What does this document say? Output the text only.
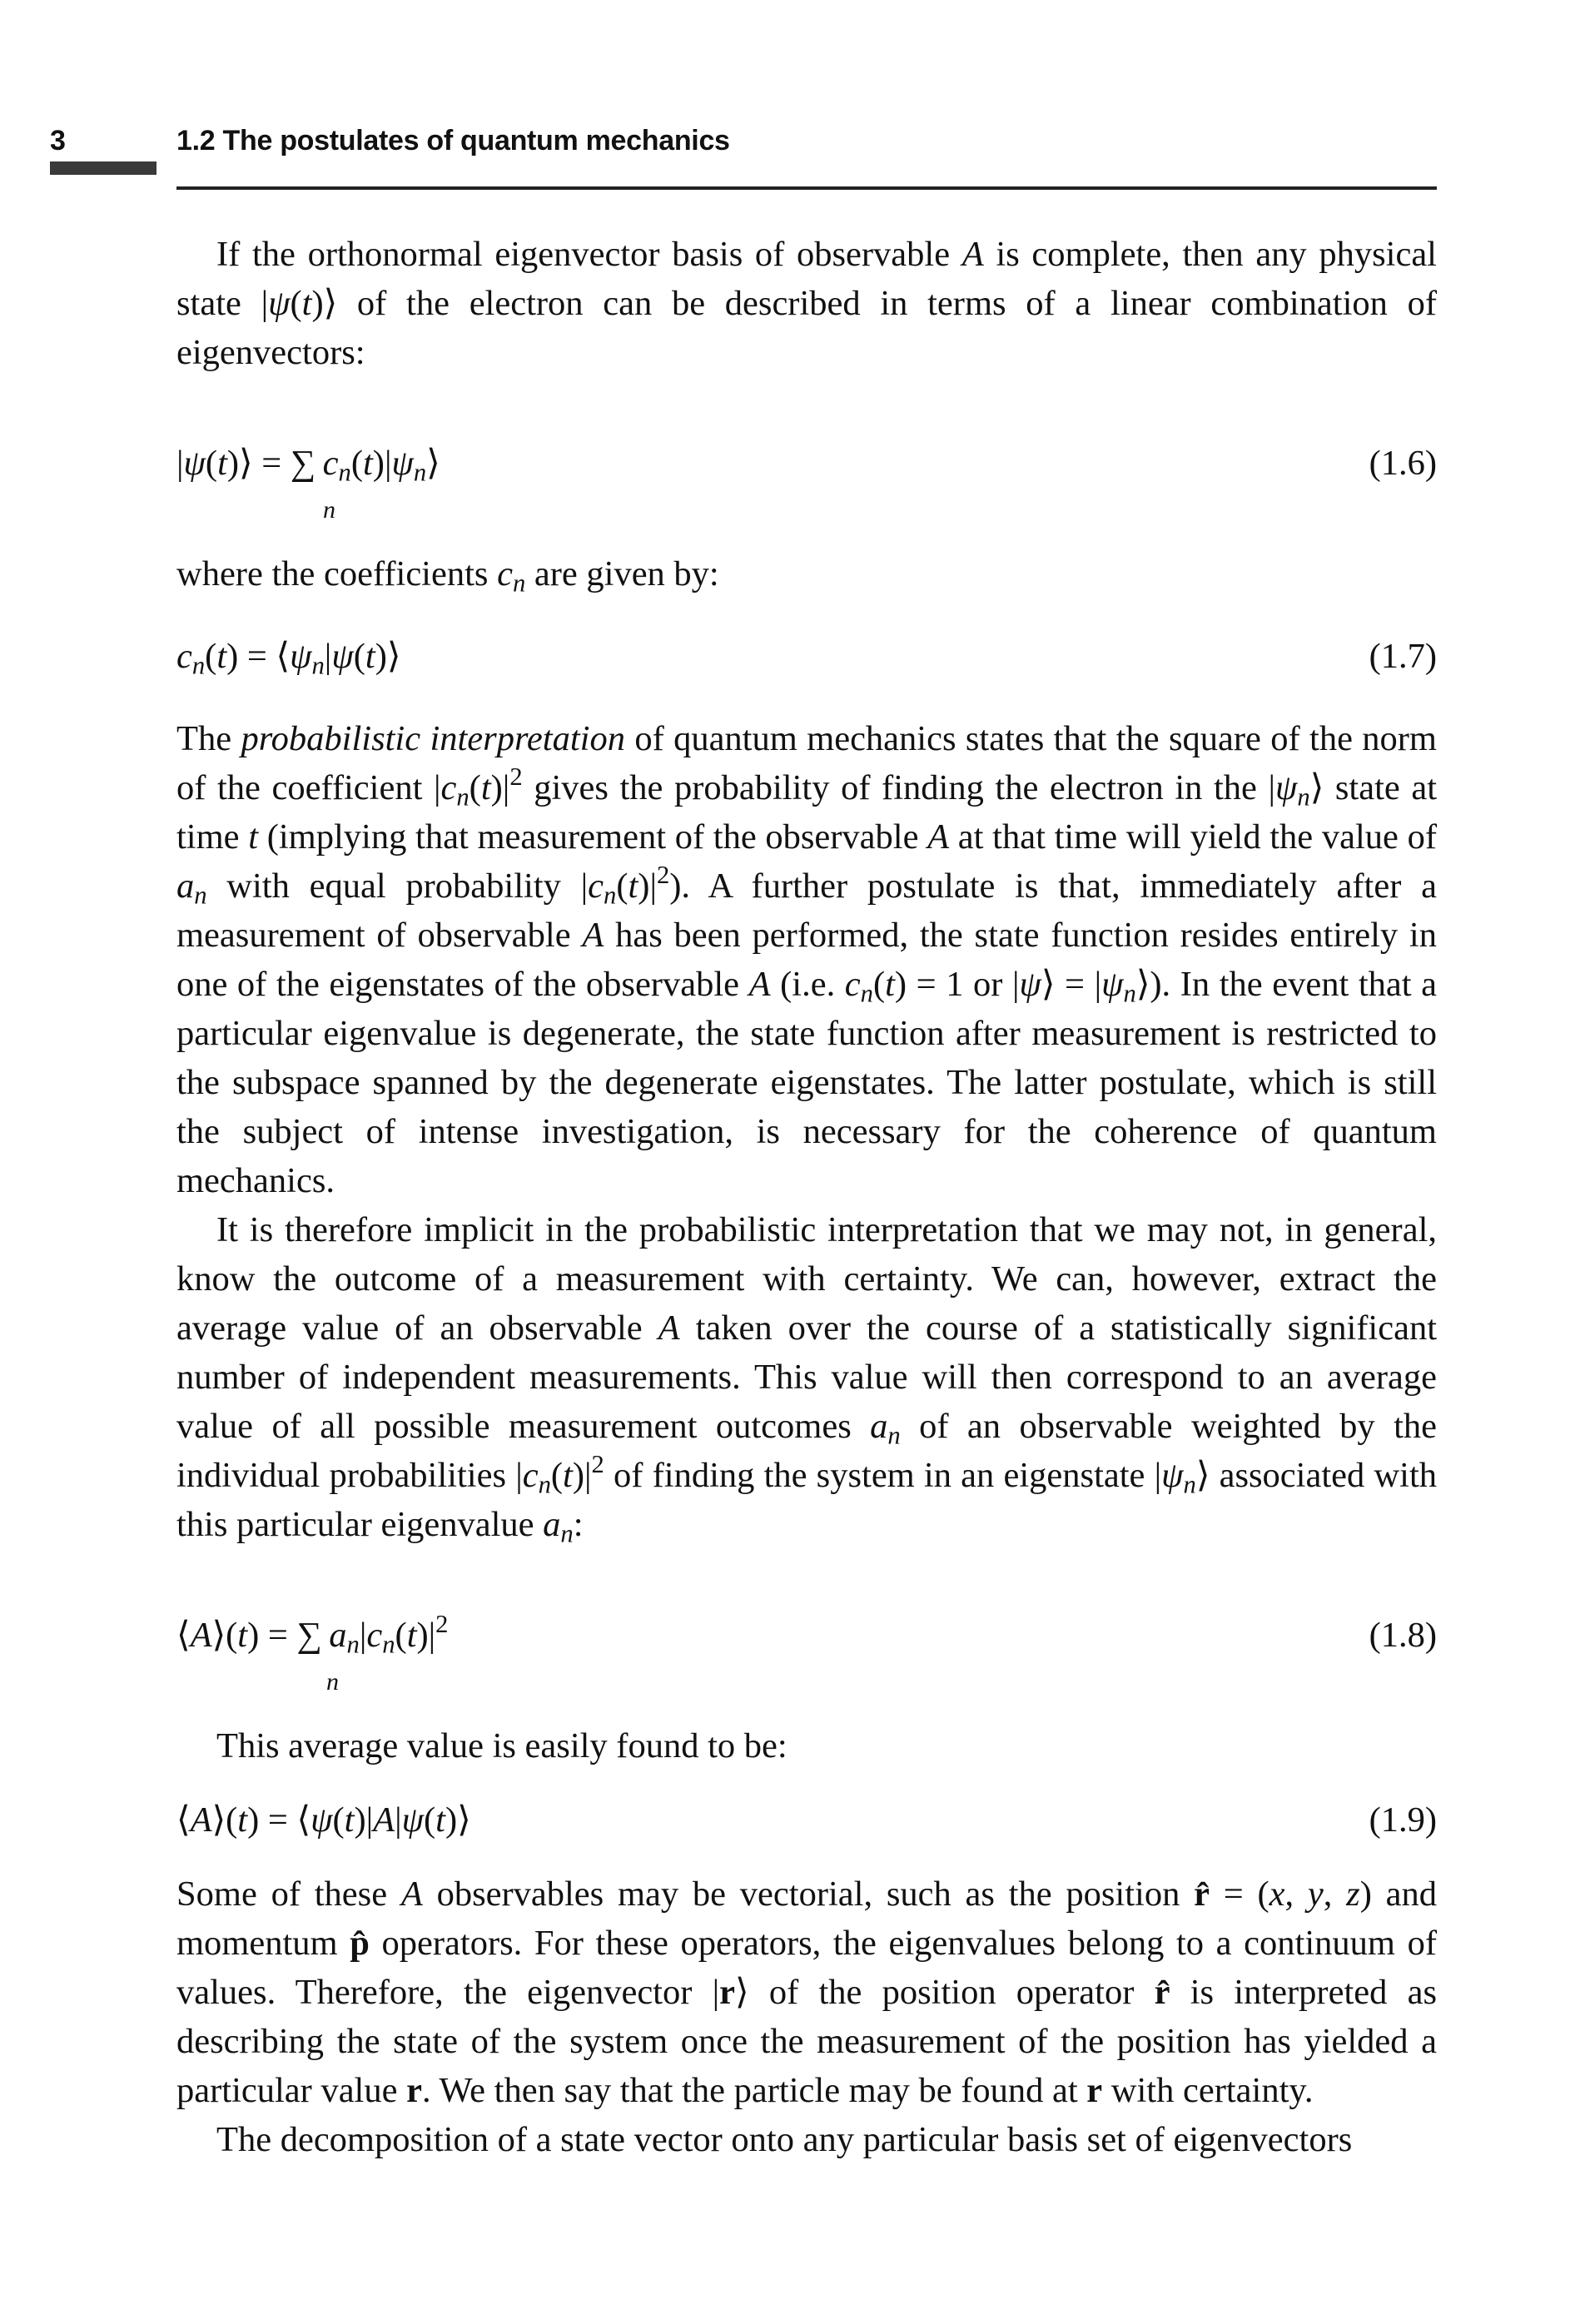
3	1.2 The postulates of quantum mechanics

If the orthonormal eigenvector basis of observable A is complete, then any physical state |ψ(t)⟩ of the electron can be described in terms of a linear combination of eigenvectors:

|ψ(t)⟩ = ∑ $c_n(t)|\psi_n⟩$
n
(1.6)

where the coefficients $c_n$ are given by:

$c_n(t)$ = $⟨\psi_n|\psi(t)⟩$	(1.7)

The probabilistic interpretation of quantum mechanics states that the square of the norm of the coefficient $|c_n(t)|^2$ gives the probability of finding the electron in the $|\psi_n⟩$ state at time t (implying that measurement of the observable A at that time will yield the value of $a_n$ with equal probability $|c_n(t)|^2$). A further postulate is that, immediately after a measurement of observable A has been performed, the state function resides entirely in one of the eigenstates of the observable A (i.e. $c_n(t) = 1$ or |ψ⟩ = $|\psi_n⟩$). In the event that a particular eigenvalue is degenerate, the state function after measurement is restricted to the subspace spanned by the degenerate eigenstates. The latter postulate, which is still the subject of intense investigation, is necessary for the coherence of quantum mechanics.

It is therefore implicit in the probabilistic interpretation that we may not, in general, know the outcome of a measurement with certainty. We can, however, extract the average value of an observable A taken over the course of a statistically significant number of independent measurements. This value will then correspond to an average value of all possible measurement outcomes $a_n$ of an observable weighted by the individual probabilities $|c_n(t)|^2$ of finding the system in an eigenstate $|\psi_n⟩$ associated with this particular eigenvalue $a_n$:

⟨A⟩(t) = ∑ $a_n|c_n(t)|^2$
n
(1.8)

This average value is easily found to be:

⟨A⟩(t) = ⟨ψ(t)|A|ψ(t)⟩	(1.9)

Some of these A observables may be vectorial, such as the position r̂ = (x, y, z) and momentum p̂ operators. For these operators, the eigenvalues belong to a continuum of values. Therefore, the eigenvector |r⟩ of the position operator r̂ is interpreted as describing the state of the system once the measurement of the position has yielded a particular value r. We then say that the particle may be found at r with certainty.

The decomposition of a state vector onto any particular basis set of eigenvectors
